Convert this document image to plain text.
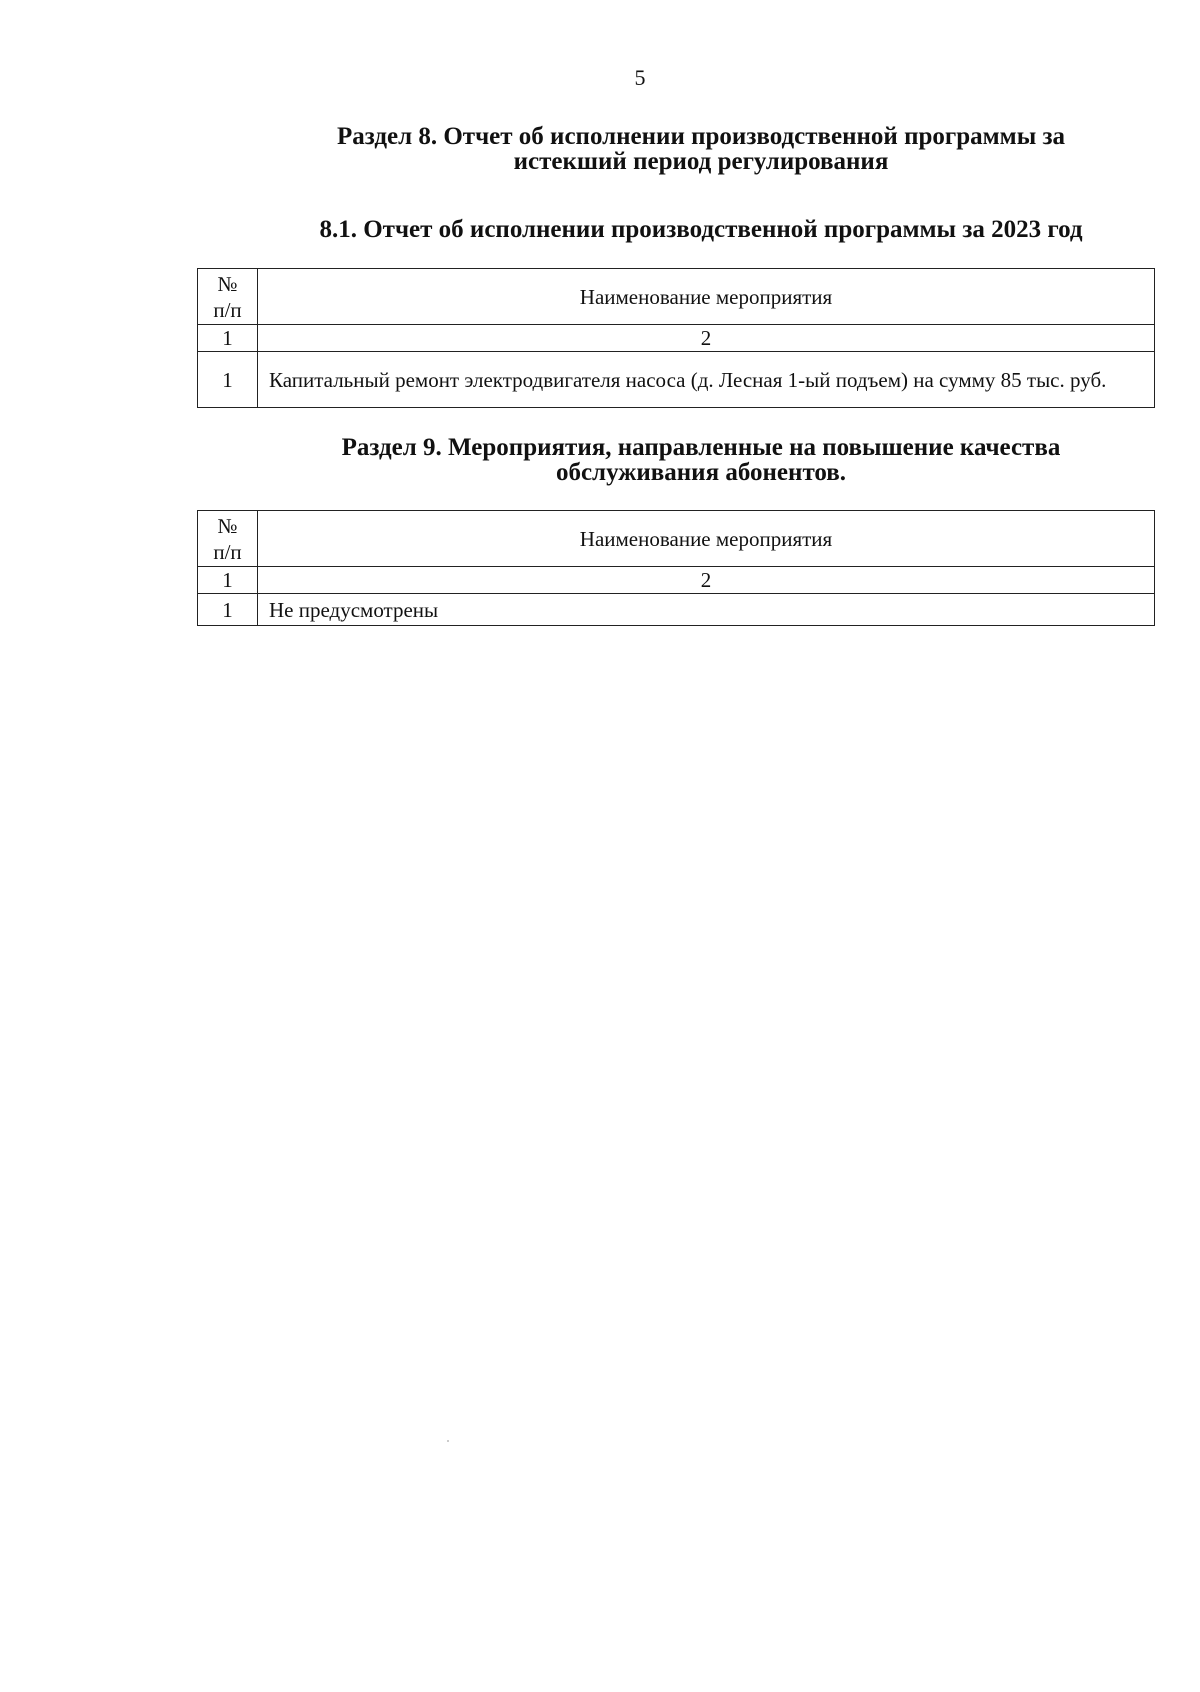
5
Раздел 8. Отчет об исполнении производственной программы за
истекший период регулирования
8.1. Отчет об исполнении производственной программы за 2023 год
№
п/п	Наименование мероприятия
1	2
1	Капитальный ремонт электродвигателя насоса (д. Лесная 1-ый подъем) на сумму 85 тыс. руб.
Раздел 9. Мероприятия, направленные на повышение качества
обслуживания абонентов.
№
п/п	Наименование мероприятия
1	2
1	Не предусмотрены
